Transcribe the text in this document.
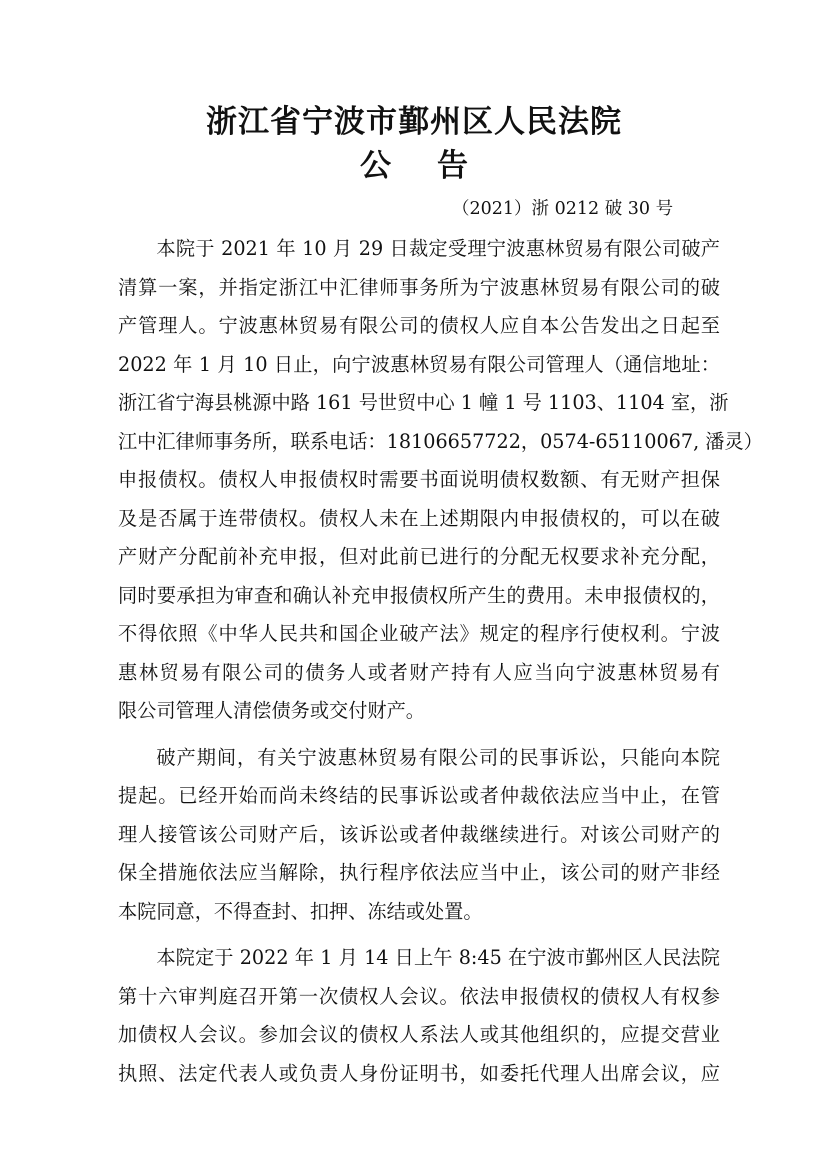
浙江省宁波市鄞州区人民法院
公 告
（2021）浙 0212 破 30 号
本院于 2021 年 10 月 29 日裁定受理宁波惠林贸易有限公司破产
清算一案，并指定浙江中汇律师事务所为宁波惠林贸易有限公司的破
产管理人。宁波惠林贸易有限公司的债权人应自本公告发出之日起至
2022 年 1 月 10 日止，向宁波惠林贸易有限公司管理人（通信地址：
浙江省宁海县桃源中路 161 号世贸中心 1 幢 1 号 1103、1104 室，浙
江中汇律师事务所，联系电话：18106657722，0574-65110067, 潘灵）
申报债权。债权人申报债权时需要书面说明债权数额、有无财产担保
及是否属于连带债权。债权人未在上述期限内申报债权的，可以在破
产财产分配前补充申报，但对此前已进行的分配无权要求补充分配，
同时要承担为审查和确认补充申报债权所产生的费用。未申报债权的，
不得依照《中华人民共和国企业破产法》规定的程序行使权利。宁波
惠林贸易有限公司的债务人或者财产持有人应当向宁波惠林贸易有
限公司管理人清偿债务或交付财产。
破产期间，有关宁波惠林贸易有限公司的民事诉讼，只能向本院
提起。已经开始而尚未终结的民事诉讼或者仲裁依法应当中止，在管
理人接管该公司财产后，该诉讼或者仲裁继续进行。对该公司财产的
保全措施依法应当解除，执行程序依法应当中止，该公司的财产非经
本院同意，不得查封、扣押、冻结或处置。
本院定于 2022 年 1 月 14 日上午 8:45 在宁波市鄞州区人民法院
第十六审判庭召开第一次债权人会议。依法申报债权的债权人有权参
加债权人会议。参加会议的债权人系法人或其他组织的，应提交营业
执照、法定代表人或负责人身份证明书，如委托代理人出席会议，应
